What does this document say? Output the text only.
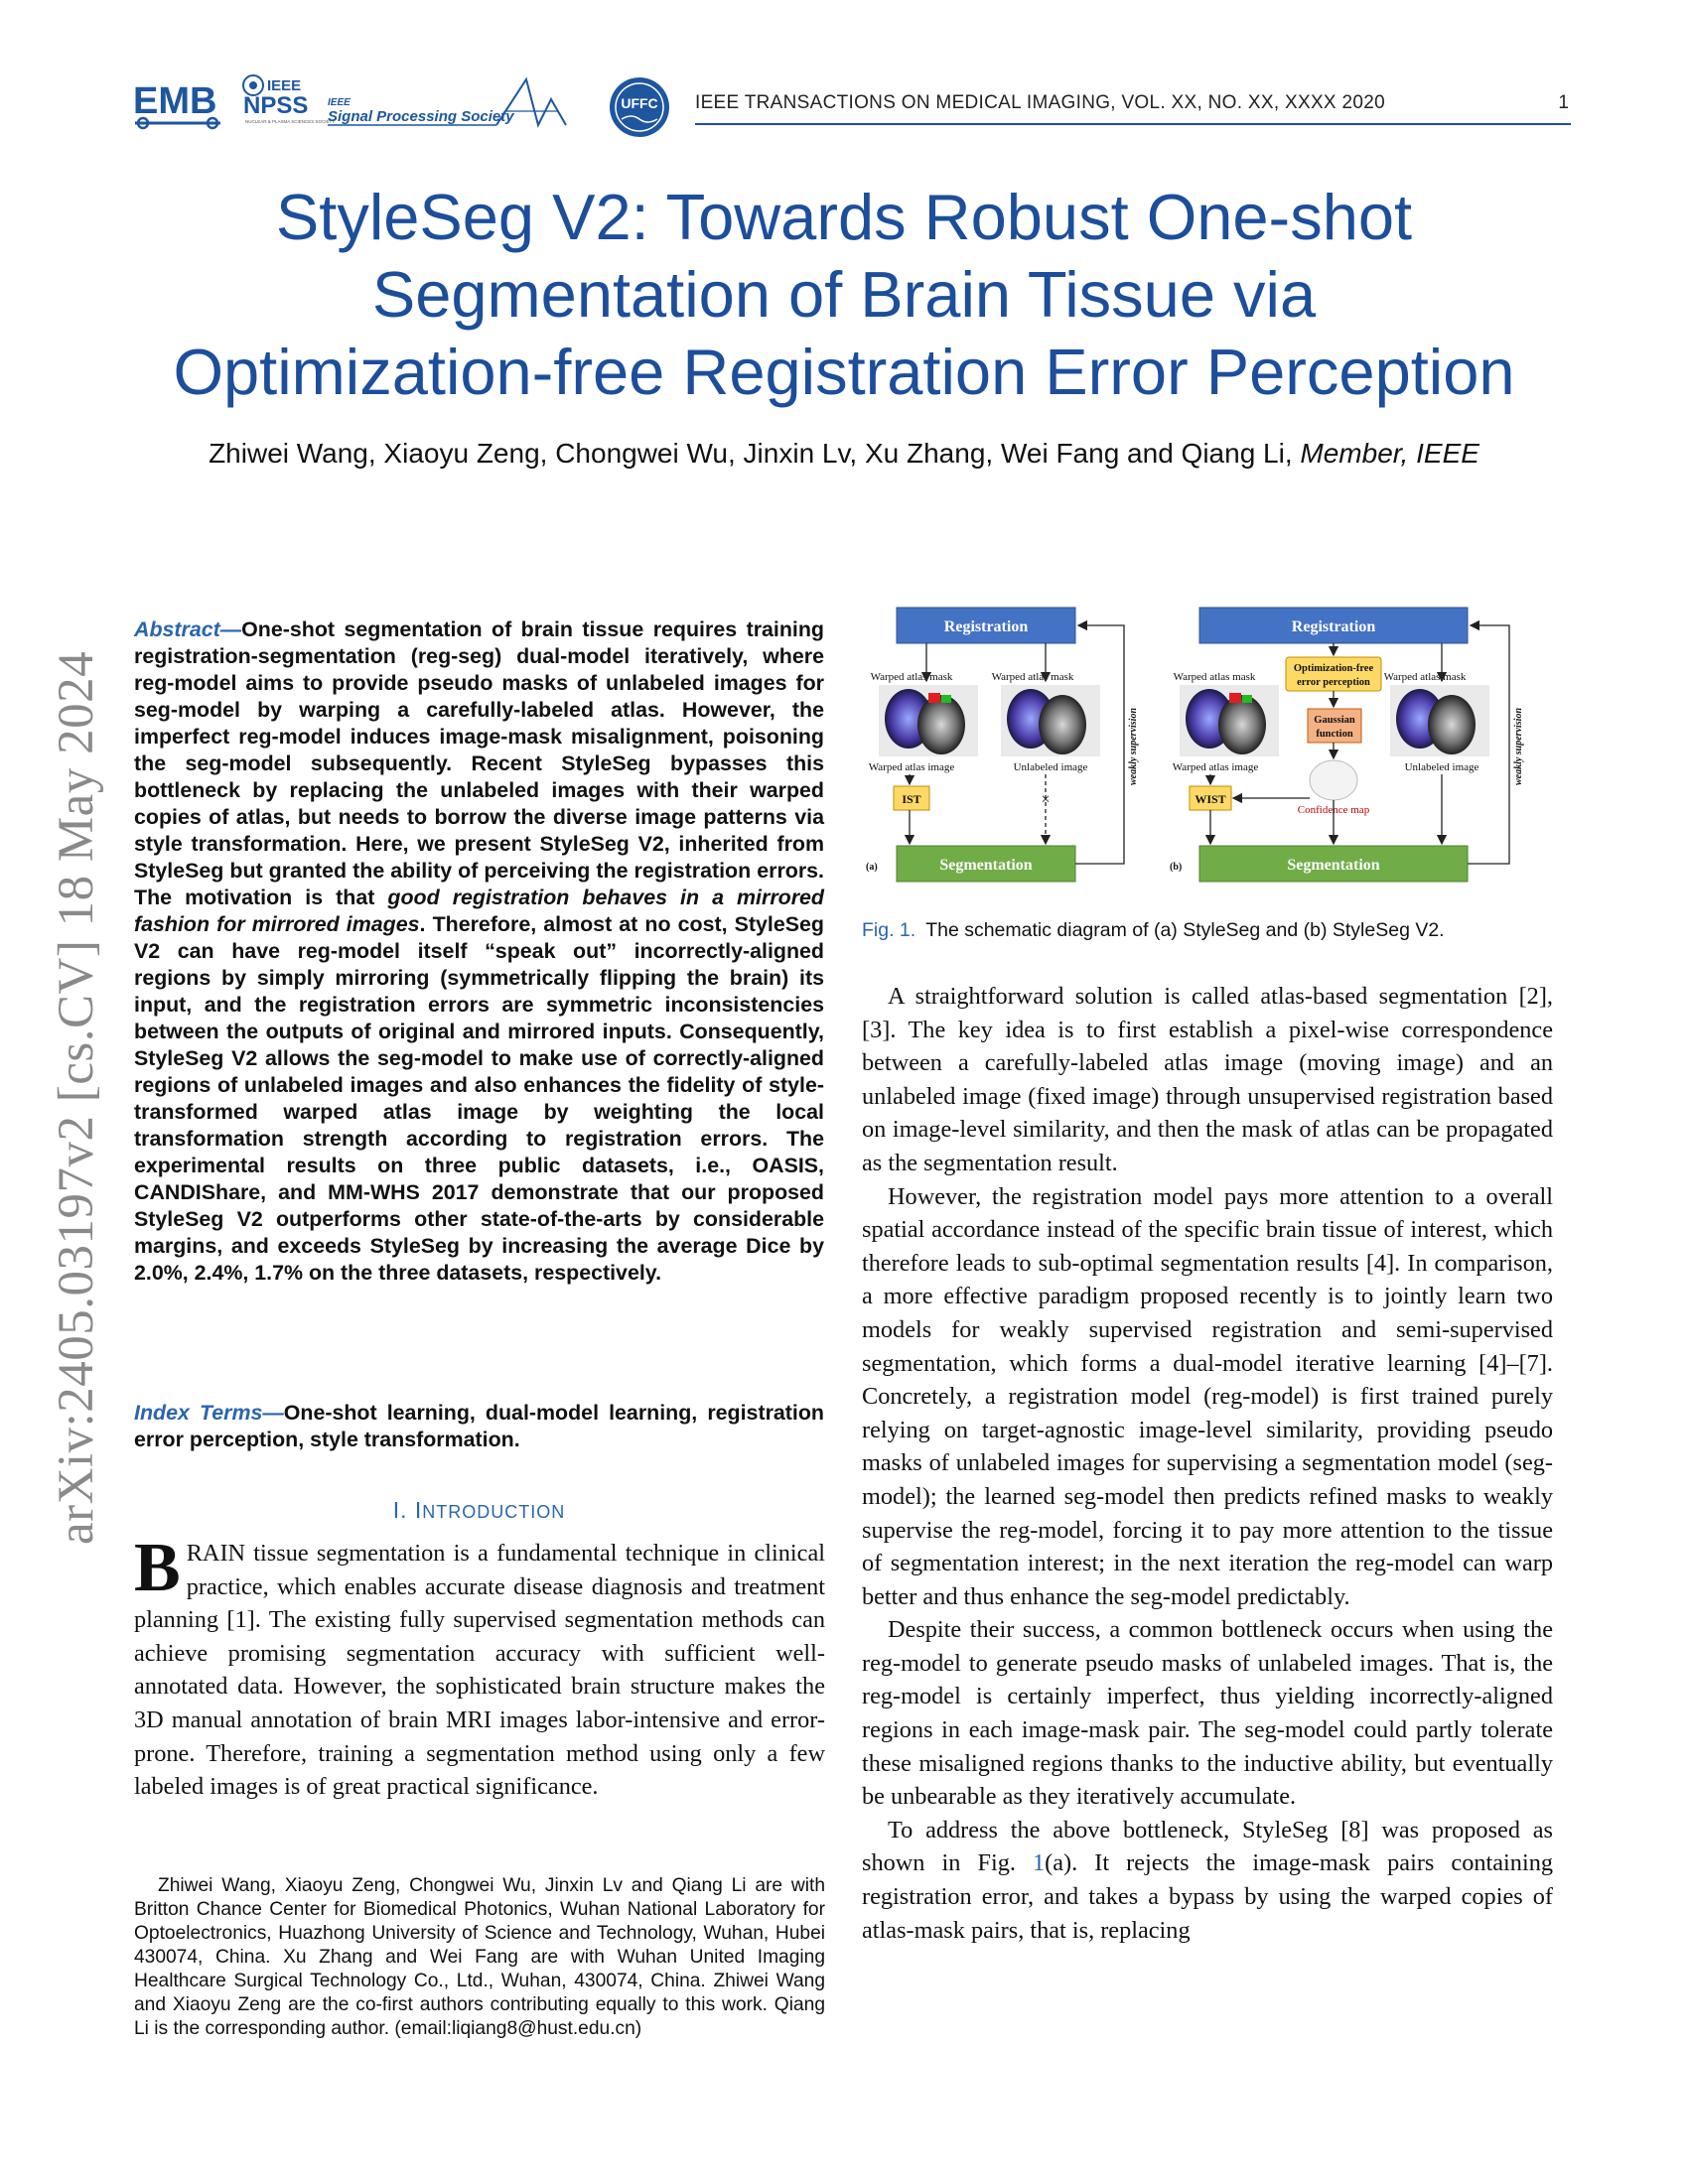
EMB	IEEE
NPSS
NUCLEAR & PLASMA SCIENCES SOCIETY
IEEE
Signal Processing Society
UFFC IEEE TRANSACTIONS ON MEDICAL IMAGING, VOL. XX, NO. XX, XXXX 2020	1
StyleSeg V2: Towards Robust One-shot
Segmentation of Brain Tissue via
Optimization-free Registration Error Perception
Zhiwei Wang, Xiaoyu Zeng, Chongwei Wu, Jinxin Lv, Xu Zhang, Wei Fang and Qiang Li, Member, IEEE
arXiv:2405.03197v2 [cs.CV] 18 May 2024
Abstract—One-shot segmentation of brain tissue requires training registration-segmentation (reg-seg) dual-model iteratively, where reg-model aims to provide pseudo masks of unlabeled images for seg-model by warping a carefully-labeled atlas. However, the imperfect reg-model induces image-mask misalignment, poisoning the seg-model subsequently. Recent StyleSeg bypasses this bottleneck by replacing the unlabeled images with their warped copies of atlas, but needs to borrow the diverse image patterns via style transformation. Here, we present StyleSeg V2, inherited from StyleSeg but granted the ability of perceiving the registration errors. The motivation is that good registration behaves in a mirrored fashion for mirrored images. Therefore, almost at no cost, StyleSeg V2 can have reg-model itself “speak out” incorrectly-aligned regions by simply mirroring (symmetrically flipping the brain) its input, and the registration errors are symmetric inconsistencies between the outputs of original and mirrored inputs. Consequently, StyleSeg V2 allows the seg-model to make use of correctly-aligned regions of unlabeled images and also enhances the fidelity of style-transformed warped atlas image by weighting the local transformation strength according to registration errors. The experimental results on three public datasets, i.e., OASIS, CANDIShare, and MM-WHS 2017 demonstrate that our proposed StyleSeg V2 outperforms other state-of-the-arts by considerable margins, and exceeds StyleSeg by increasing the average Dice by 2.0%, 2.4%, 1.7% on the three datasets, respectively.
Index Terms—One-shot learning, dual-model learning, registration error perception, style transformation.
I. INTRODUCTION
BRAIN tissue segmentation is a fundamental technique in clinical practice, which enables accurate disease diagnosis and treatment planning [1]. The existing fully supervised segmentation methods can achieve promising segmentation accuracy with sufficient well-annotated data. However, the sophisticated brain structure makes the 3D manual annotation of brain MRI images labor-intensive and error-prone. Therefore, training a segmentation method using only a few labeled images is of great practical significance.
Zhiwei Wang, Xiaoyu Zeng, Chongwei Wu, Jinxin Lv and Qiang Li are with Britton Chance Center for Biomedical Photonics, Wuhan National Laboratory for Optoelectronics, Huazhong University of Science and Technology, Wuhan, Hubei 430074, China. Xu Zhang and Wei Fang are with Wuhan United Imaging Healthcare Surgical Technology Co., Ltd., Wuhan, 430074, China. Zhiwei Wang and Xiaoyu Zeng are the co-first authors contributing equally to this work. Qiang Li is the corresponding author. (email:liqiang8@hust.edu.cn)
Registration
Warped atlas mask	Warped atlas mask
Warped atlas image	Unlabeled image
IST	×
Segmentation
(a)
weakly supervision
Registration
Warped atlas mask	Warped atlas mask
Warped atlas image	Unlabeled image
Optimization-free
error perception
Gaussian
function
Confidence map
WIST
Segmentation
(b)
weakly supervision
Fig. 1. The schematic diagram of (a) StyleSeg and (b) StyleSeg V2.

A straightforward solution is called atlas-based segmentation [2], [3]. The key idea is to first establish a pixel-wise correspondence between a carefully-labeled atlas image (moving image) and an unlabeled image (fixed image) through unsupervised registration based on image-level similarity, and then the mask of atlas can be propagated as the segmentation result.

However, the registration model pays more attention to a overall spatial accordance instead of the specific brain tissue of interest, which therefore leads to sub-optimal segmentation results [4]. In comparison, a more effective paradigm proposed recently is to jointly learn two models for weakly supervised registration and semi-supervised segmentation, which forms a dual-model iterative learning [4]–[7]. Concretely, a registration model (reg-model) is first trained purely relying on target-agnostic image-level similarity, providing pseudo masks of unlabeled images for supervising a segmentation model (seg-model); the learned seg-model then predicts refined masks to weakly supervise the reg-model, forcing it to pay more attention to the tissue of segmentation interest; in the next iteration the reg-model can warp better and thus enhance the seg-model predictably.

Despite their success, a common bottleneck occurs when using the reg-model to generate pseudo masks of unlabeled images. That is, the reg-model is certainly imperfect, thus yielding incorrectly-aligned regions in each image-mask pair. The seg-model could partly tolerate these misaligned regions thanks to the inductive ability, but eventually be unbearable as they iteratively accumulate.

To address the above bottleneck, StyleSeg [8] was proposed as shown in Fig. 1(a). It rejects the image-mask pairs containing registration error, and takes a bypass by using the warped copies of atlas-mask pairs, that is, replacing
